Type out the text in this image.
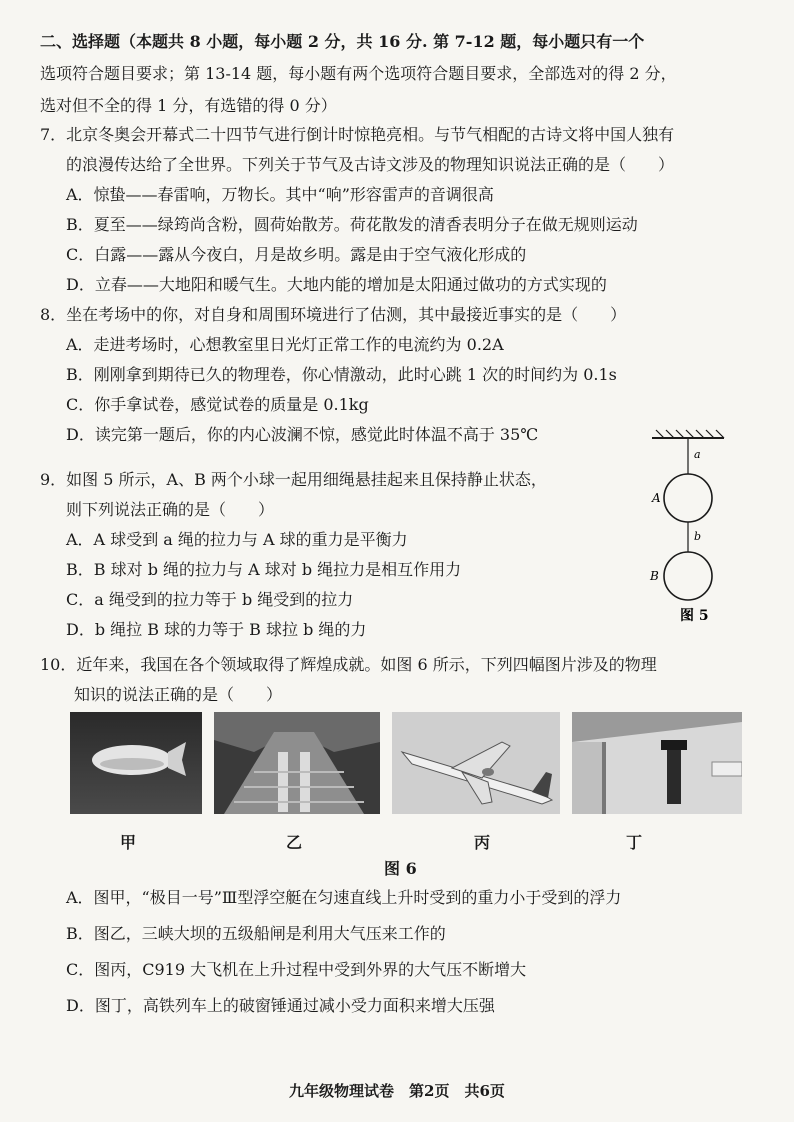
二、选择题（本题共 8 小题，每小题 2 分，共 16 分. 第 7-12 题，每小题只有一个
选项符合题目要求；第 13-14 题，每小题有两个选项符合题目要求，全部选对的得 2 分，
选对但不全的得 1 分，有选错的得 0 分）
7．北京冬奥会开幕式二十四节气进行倒计时惊艳亮相。与节气相配的古诗文将中国人独有
的浪漫传达给了全世界。下列关于节气及古诗文涉及的物理知识说法正确的是（　　）
A．惊蛰——春雷响，万物长。其中“响”形容雷声的音调很高
B．夏至——绿筠尚含粉，圆荷始散芳。荷花散发的清香表明分子在做无规则运动
C．白露——露从今夜白，月是故乡明。露是由于空气液化形成的
D．立春——大地阳和暖气生。大地内能的增加是太阳通过做功的方式实现的
8．坐在考场中的你，对自身和周围环境进行了估测，其中最接近事实的是（　　）
A．走进考场时，心想教室里日光灯正常工作的电流约为 0.2A
B．刚刚拿到期待已久的物理卷，你心情激动，此时心跳 1 次的时间约为 0.1s
C．你手拿试卷，感觉试卷的质量是 0.1kg
D．读完第一题后，你的内心波澜不惊，感觉此时体温不高于 35℃
9．如图 5 所示，A、B 两个小球一起用细绳悬挂起来且保持静止状态，
则下列说法正确的是（　　）
A．A 球受到 a 绳的拉力与 A 球的重力是平衡力
B．B 球对 b 绳的拉力与 A 球对 b 绳拉力是相互作用力
C．a 绳受到的拉力等于 b 绳受到的拉力
D．b 绳拉 B 球的力等于 B 球拉 b 绳的力
a
A
b
B
图 5
10．近年来，我国在各个领域取得了辉煌成就。如图 6 所示，下列四幅图片涉及的物理
知识的说法正确的是（　　）
甲	乙	丙	丁
图 6
A．图甲，“极目一号”Ⅲ型浮空艇在匀速直线上升时受到的重力小于受到的浮力
B．图乙，三峡大坝的五级船闸是利用大气压来工作的
C．图丙，C919 大飞机在上升过程中受到外界的大气压不断增大
D．图丁，高铁列车上的破窗锤通过减小受力面积来增大压强
九年级物理试卷　第2页　共6页
